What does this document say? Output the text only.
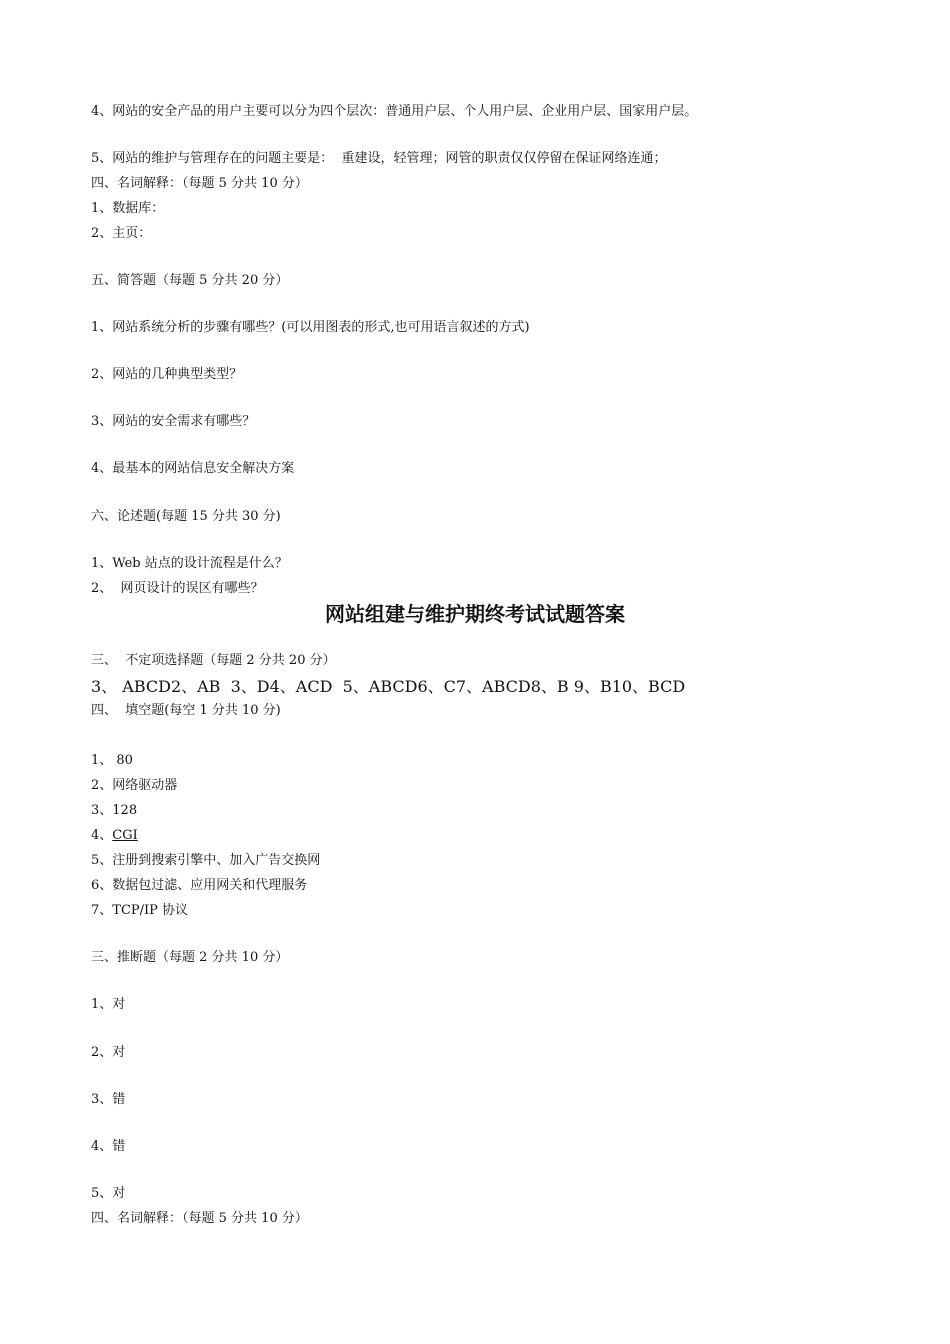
4、网站的安全产品的用户主要可以分为四个层次：普通用户层、个人用户层、企业用户层、国家用户层。

5、网站的维护与管理存在的问题主要是：  重建设，轻管理；网管的职责仅仅停留在保证网络连通；

四、名词解释：（每题 5 分共 10 分）

1、数据库：

2、主页：

五、简答题（每题 5 分共 20 分）

1、网站系统分析的步骤有哪些？(可以用图表的形式,也可用语言叙述的方式)

2、网站的几种典型类型？

3、网站的安全需求有哪些？

4、最基本的网站信息安全解决方案

六、论述题(每题 15 分共 30 分)

1、Web 站点的设计流程是什么？

2、  网页设计的误区有哪些？

网站组建与维护期终考试试题答案

三、  不定项选择题（每题 2 分共 20 分）

3、 ABCD2、AB  3、D4、ACD  5、ABCD6、C7、ABCD8、B 9、B10、BCD

四、  填空题(每空 1 分共 10 分)

1、 80

2、网络驱动器

3、128

4、CGI

5、注册到搜索引擎中、加入广告交换网

6、数据包过滤、应用网关和代理服务

7、TCP/IP 协议

三、推断题（每题 2 分共 10 分）

1、对

2、对

3、错

4、错

5、对

四、名词解释：（每题 5 分共 10 分）
